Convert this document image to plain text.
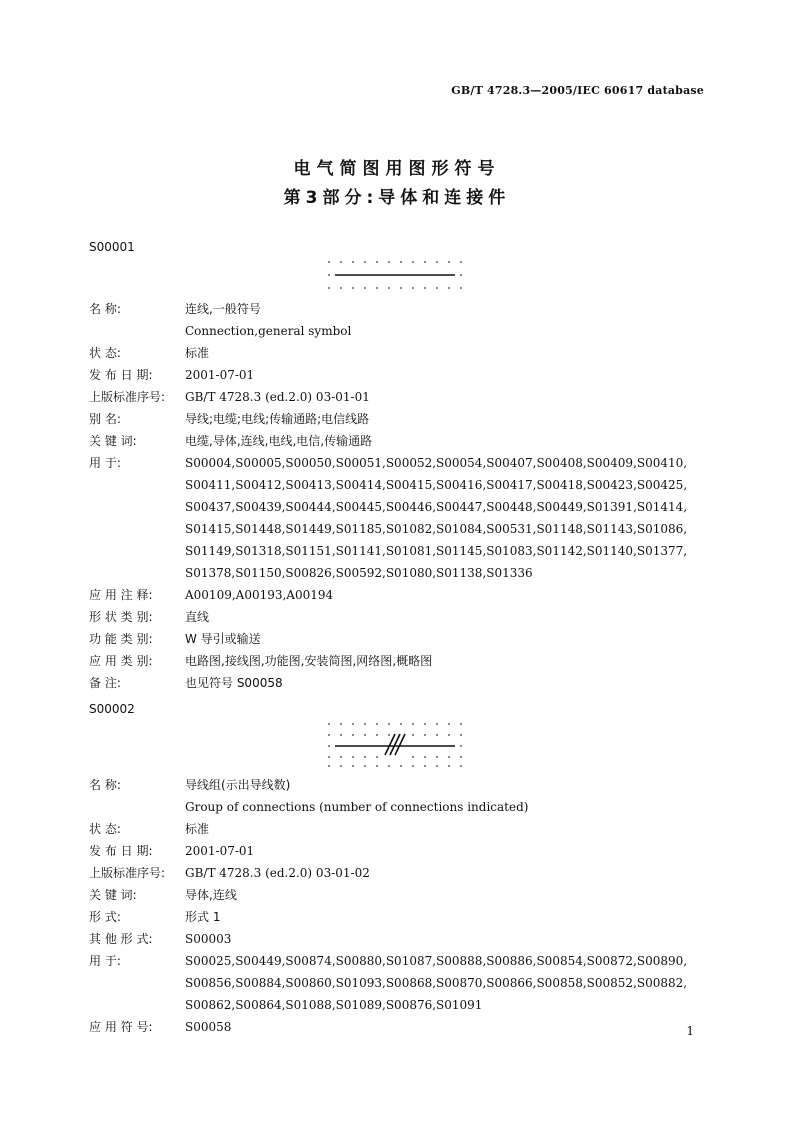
GB/T 4728.3—2005/IEC 60617 database
电气简图用图形符号
第3部分:导体和连接件
S00001
名 称:	连线,一般符号
Connection,general symbol
状 态:	标准
发 布 日 期:	2001-07-01
上版标准序号:	GB/T 4728.3 (ed.2.0) 03-01-01
别 名:	导线;电缆;电线;传输通路;电信线路
关 键 词:	电缆,导体,连线,电线,电信,传输通路
用 于:	S00004,S00005,S00050,S00051,S00052,S00054,S00407,S00408,S00409,S00410,
S00411,S00412,S00413,S00414,S00415,S00416,S00417,S00418,S00423,S00425,
S00437,S00439,S00444,S00445,S00446,S00447,S00448,S00449,S01391,S01414,
S01415,S01448,S01449,S01185,S01082,S01084,S00531,S01148,S01143,S01086,
S01149,S01318,S01151,S01141,S01081,S01145,S01083,S01142,S01140,S01377,
S01378,S01150,S00826,S00592,S01080,S01138,S01336
应 用 注 释:	A00109,A00193,A00194
形 状 类 别:	直线
功 能 类 别:	W 导引或输送
应 用 类 别:	电路图,接线图,功能图,安装简图,网络图,概略图
备 注:	也见符号 S00058
S00002
名 称:	导线组(示出导线数)
Group of connections (number of connections indicated)
状 态:	标准
发 布 日 期:	2001-07-01
上版标准序号:	GB/T 4728.3 (ed.2.0) 03-01-02
关 键 词:	导体,连线
形 式:	形式 1
其 他 形 式:	S00003
用 于:	S00025,S00449,S00874,S00880,S01087,S00888,S00886,S00854,S00872,S00890,
S00856,S00884,S00860,S01093,S00868,S00870,S00866,S00858,S00852,S00882,
S00862,S00864,S01088,S01089,S00876,S01091
应 用 符 号:	S00058	1
